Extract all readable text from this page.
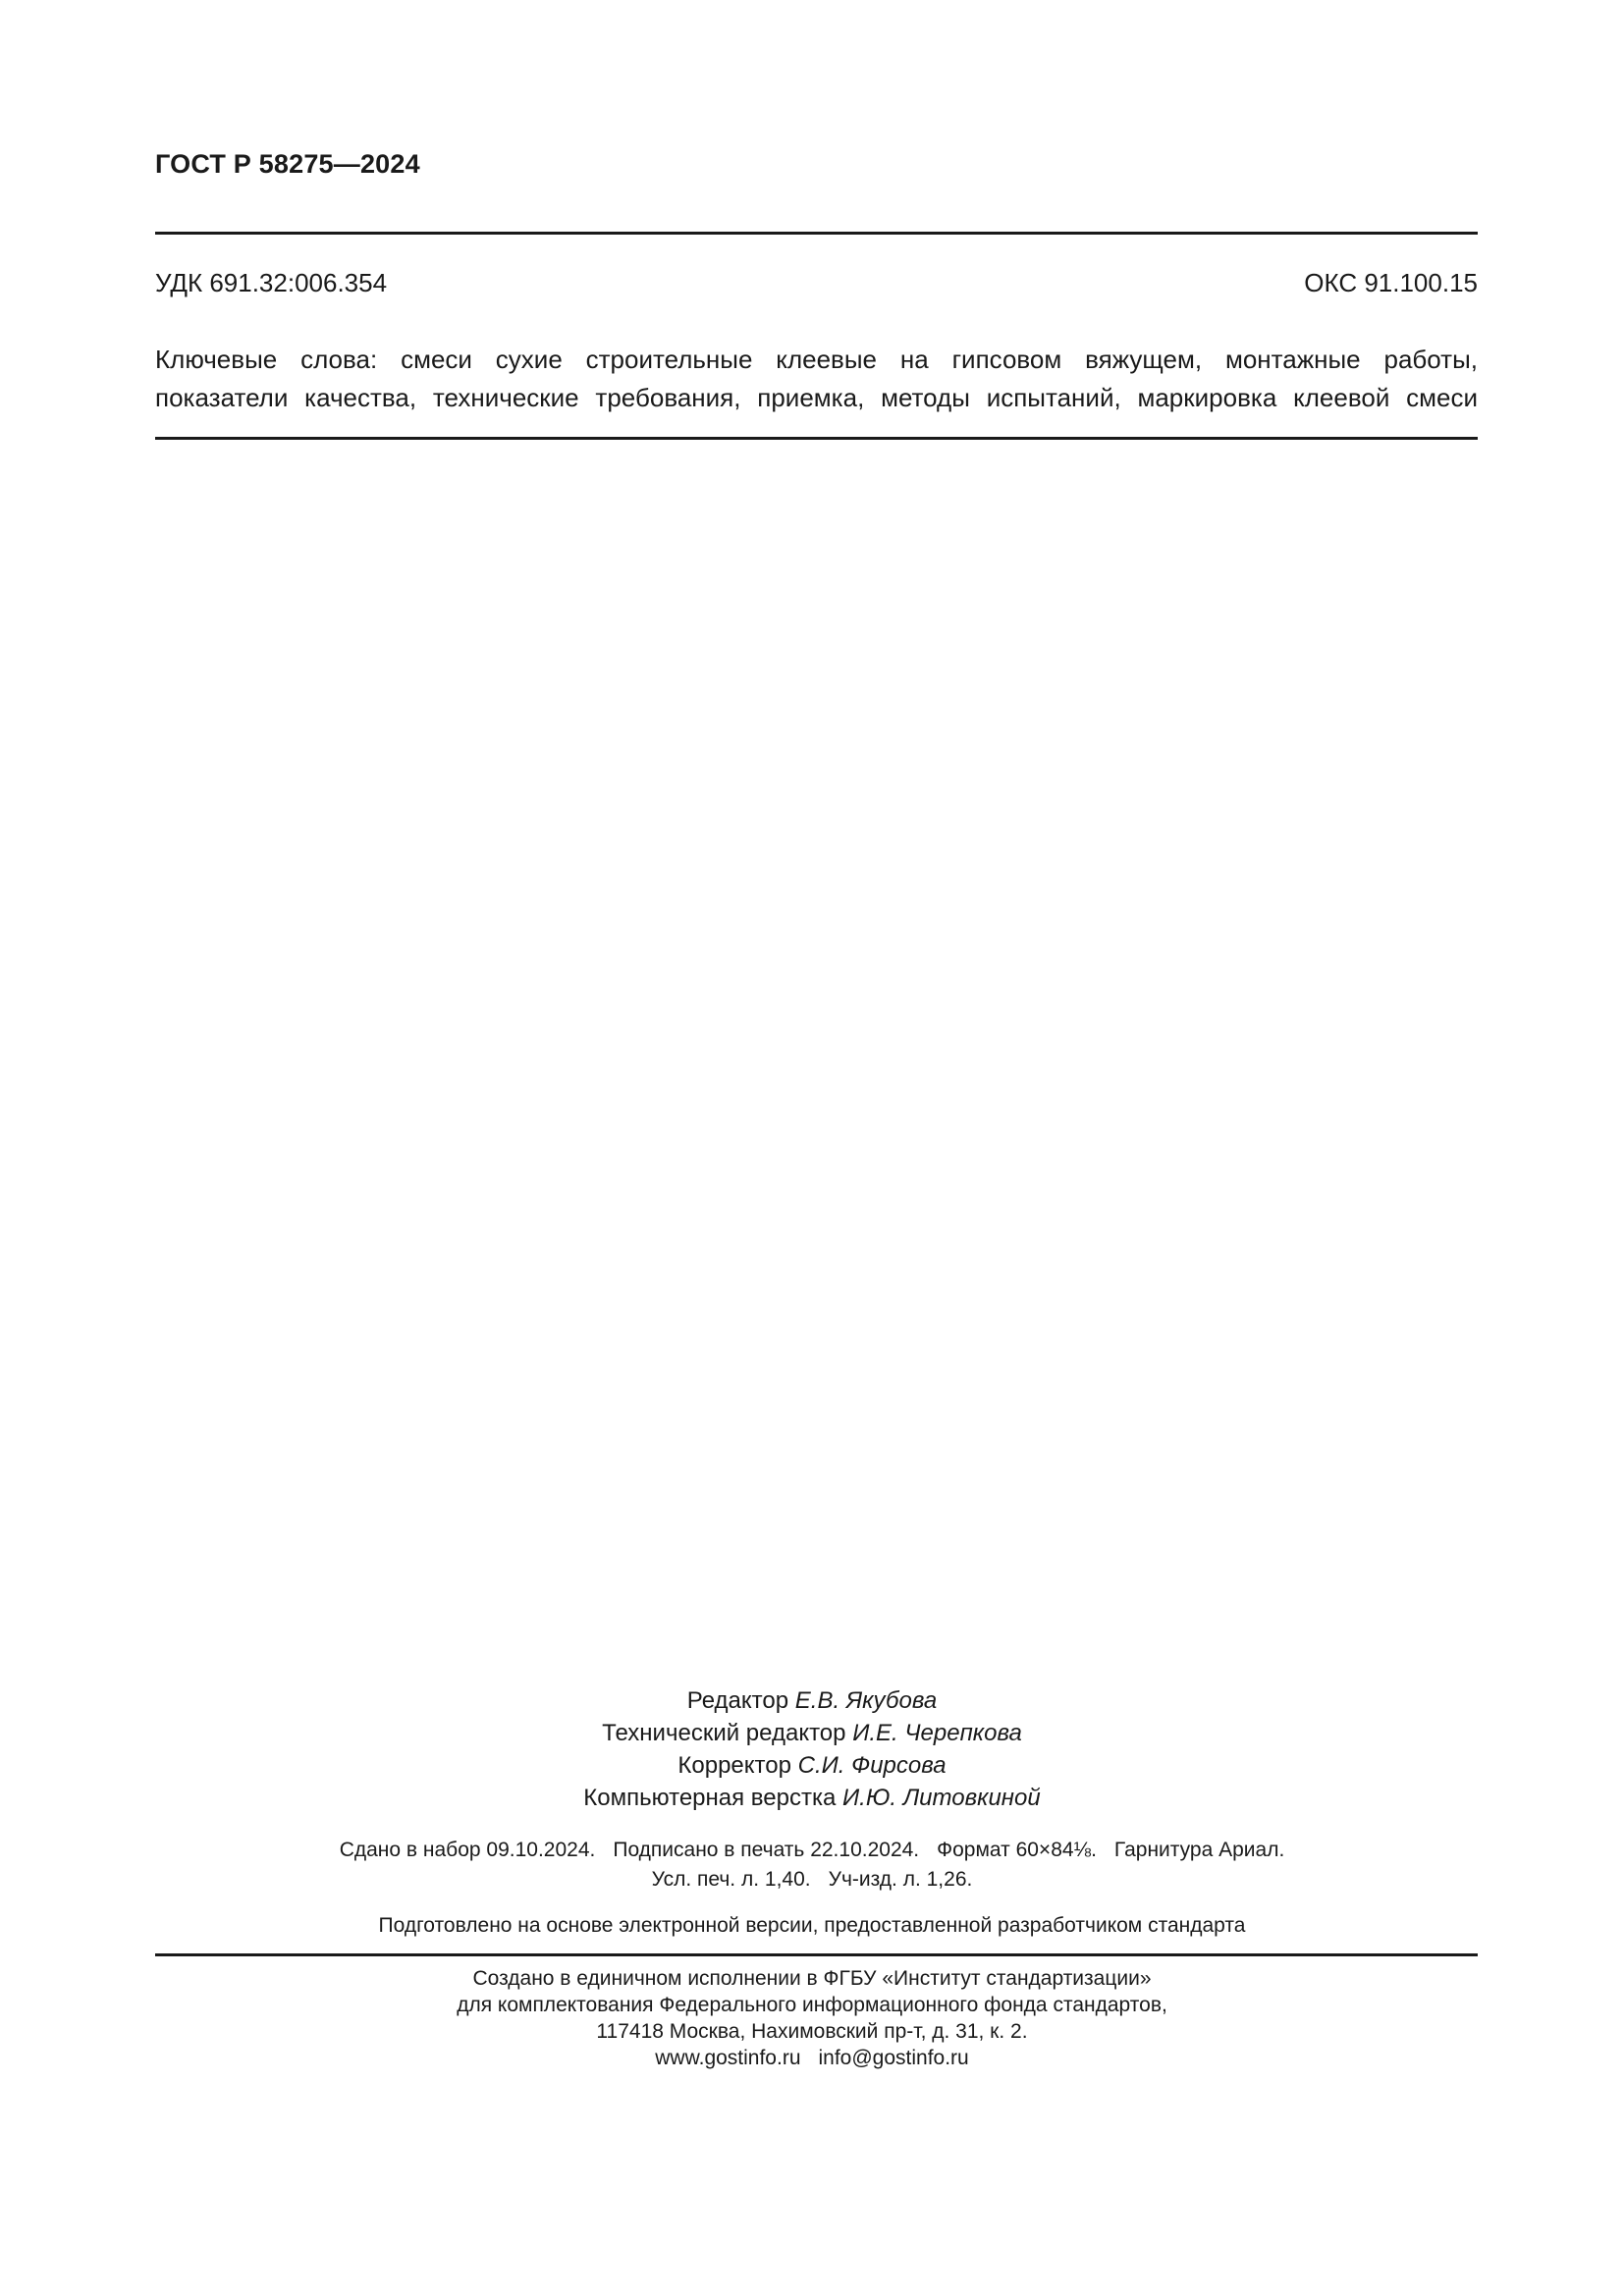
ГОСТ Р 58275—2024
УДК 691.32:006.354	ОКС 91.100.15
Ключевые слова: смеси сухие строительные клеевые на гипсовом вяжущем, монтажные работы,
показатели качества, технические требования, приемка, методы испытаний, маркировка клеевой смеси
Редактор Е.В. Якубова
Технический редактор И.Е. Черепкова
Корректор С.И. Фирсова
Компьютерная верстка И.Ю. Литовкиной
Сдано в набор 09.10.2024. Подписано в печать 22.10.2024. Формат 60×84⅛. Гарнитура Ариал.
Усл. печ. л. 1,40. Уч-изд. л. 1,26.
Подготовлено на основе электронной версии, предоставленной разработчиком стандарта
Создано в единичном исполнении в ФГБУ «Институт стандартизации»
для комплектования Федерального информационного фонда стандартов,
117418 Москва, Нахимовский пр-т, д. 31, к. 2.
www.gostinfo.ru info@gostinfo.ru
